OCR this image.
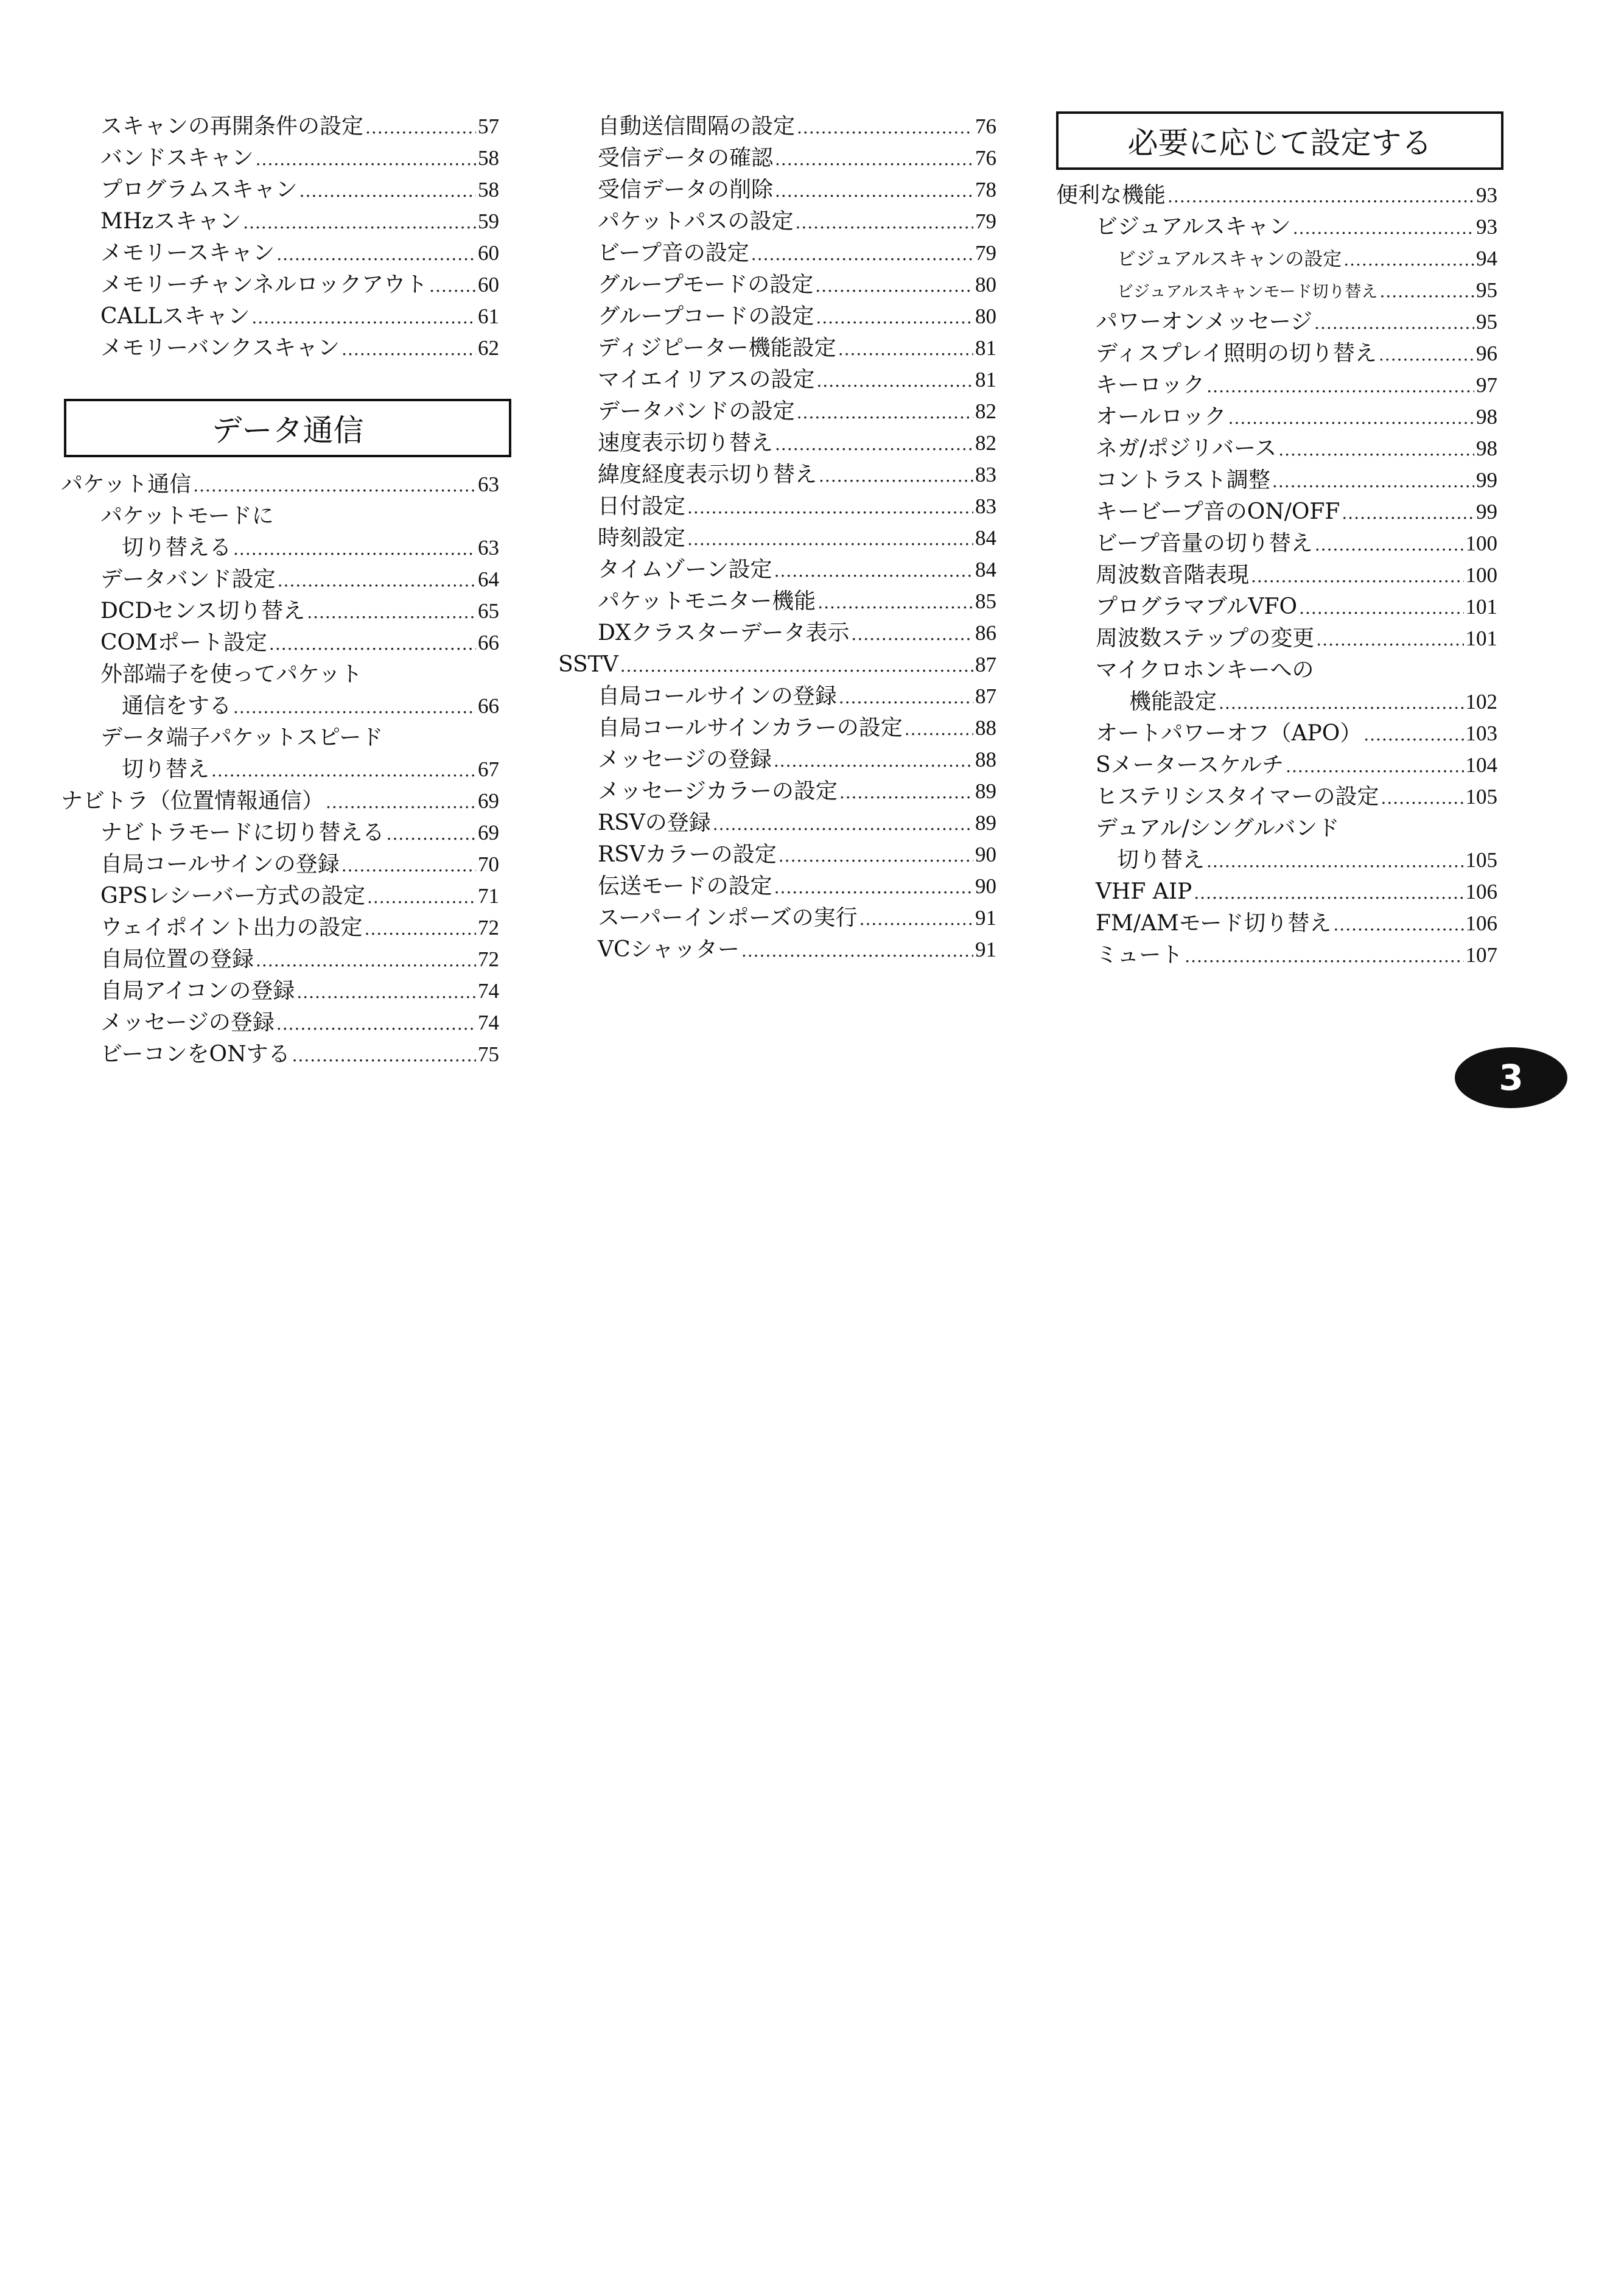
スキャンの再開条件の設定 .....	57
バンドスキャン .....	58
プログラムスキャン .....	58
MHzスキャン .....	59
メモリースキャン .....	60
メモリーチャンネルロックアウト ..... 60
CALLスキャン .....	61
メモリーバンクスキャン .....	62
データ通信
パケット通信 .....	63
パケットモードに
切り替える .....	63
データバンド設定 .....	64
DCDセンス切り替え .....	65
COMポート設定 .....	66
外部端子を使ってパケット
通信をする .....	66
データ端子パケットスピード
切り替え .....	67
ナビトラ（位置情報通信） .....	69
ナビトラモードに切り替える .....	69
自局コールサインの登録 .....	70
GPSレシーバー方式の設定 .....	71
ウェイポイント出力の設定 .....	72
自局位置の登録 .....	72
自局アイコンの登録 .....	74
メッセージの登録 .....	74
ビーコンをONする .....	75
自動送信間隔の設定 .....	76
受信データの確認 .....	76
受信データの削除 .....	78
パケットパスの設定 .....	79
ビープ音の設定 .....	79
グループモードの設定 .....	80
グループコードの設定 .....	80
ディジピーター機能設定 .....	81
マイエイリアスの設定 .....	81
データバンドの設定 .....	82
速度表示切り替え .....	82
緯度経度表示切り替え .....	83
日付設定 .....	83
時刻設定 .....	84
タイムゾーン設定 .....	84
パケットモニター機能 .....	85
DXクラスターデータ表示 .....	86
SSTV .....	87
自局コールサインの登録 .....	87
自局コールサインカラーの設定 .....	88
メッセージの登録 .....	88
メッセージカラーの設定 .....	89
RSVの登録 .....	89
RSVカラーの設定 .....	90
伝送モードの設定 .....	90
スーパーインポーズの実行 .....	91
VCシャッター .....	91
必要に応じて設定する
便利な機能 .....	93
ビジュアルスキャン .....	93
ビジュアルスキャンの設定 .....	94
ビジュアルスキャンモード切り替え .....	95
パワーオンメッセージ .....	95
ディスプレイ照明の切り替え .....	96
キーロック .....	97
オールロック .....	98
ネガ/ポジリバース .....	98
コントラスト調整 .....	99
キービープ音のON/OFF .....	99
ビープ音量の切り替え .....	100
周波数音階表現 .....	100
プログラマブルVFO .....	101
周波数ステップの変更 .....	101
マイクロホンキーへの
機能設定 .....	102
オートパワーオフ（APO） .....	103
Sメータースケルチ .....	104
ヒステリシスタイマーの設定 .....	105
デュアル/シングルバンド
切り替え .....	105
VHF AIP .....	106
FM/AMモード切り替え .....	106
ミュート .....	107
3
